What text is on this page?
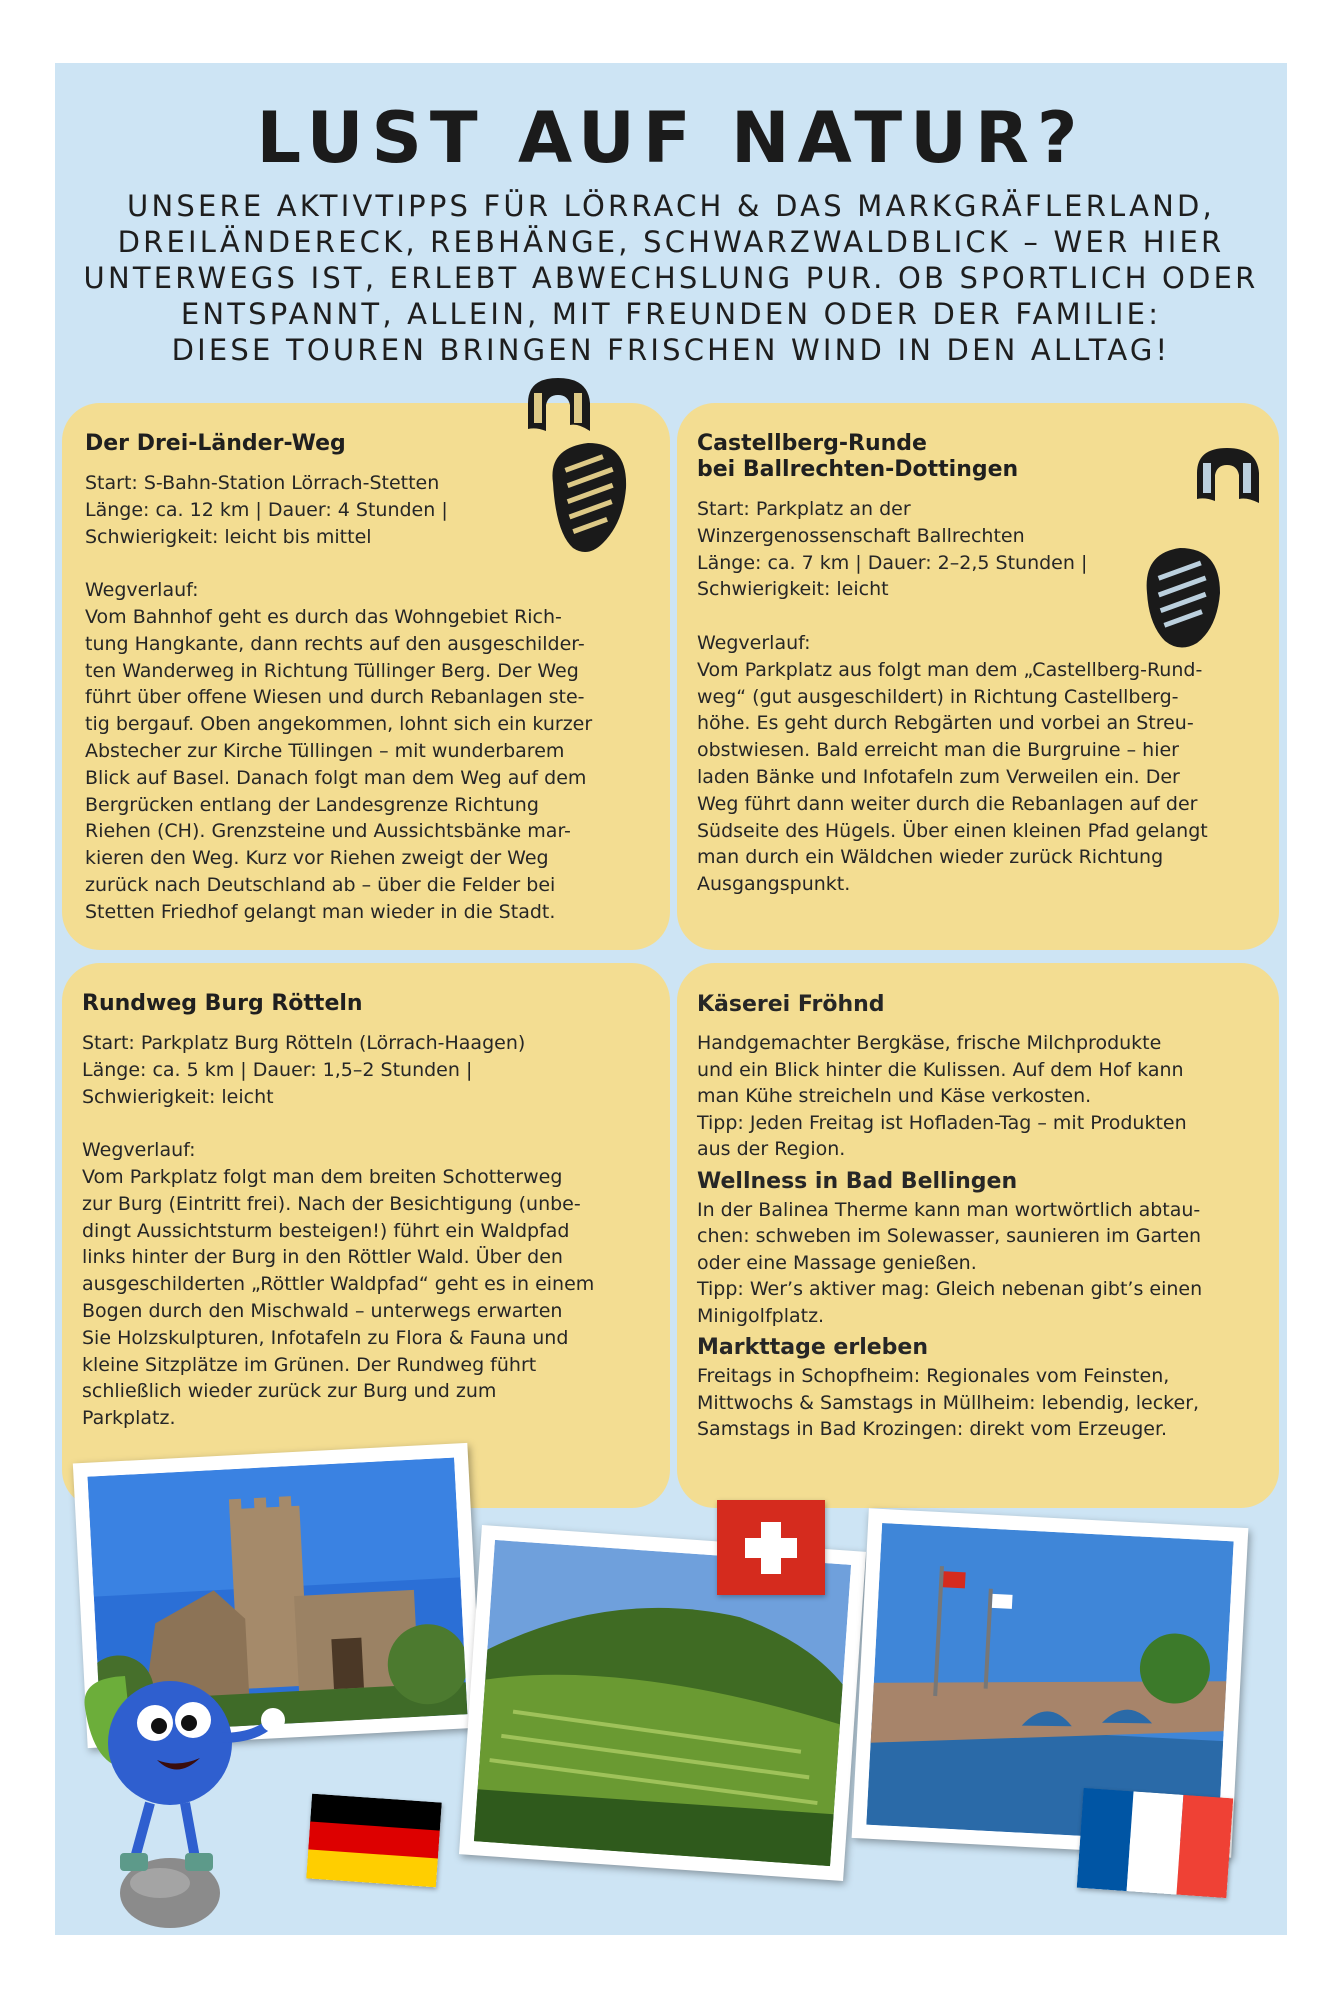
LUST AUF NATUR?
UNSERE AKTIVTIPPS FÜR LÖRRACH & DAS MARKGRÄFLERLAND,
DREILÄNDERECK, REBHÄNGE, SCHWARZWALDBLICK – WER HIER
UNTERWEGS IST, ERLEBT ABWECHSLUNG PUR. OB SPORTLICH ODER
ENTSPANNT, ALLEIN, MIT FREUNDEN ODER DER FAMILIE:
DIESE TOUREN BRINGEN FRISCHEN WIND IN DEN ALLTAG!
Der Drei-Länder-Weg
Start: S-Bahn-Station Lörrach-Stetten
Länge: ca. 12 km | Dauer: 4 Stunden |
Schwierigkeit: leicht bis mittel
Wegverlauf:
Vom Bahnhof geht es durch das Wohngebiet Rich-
tung Hangkante, dann rechts auf den ausgeschilder-
ten Wanderweg in Richtung Tüllinger Berg. Der Weg
führt über offene Wiesen und durch Rebanlagen ste-
tig bergauf. Oben angekommen, lohnt sich ein kurzer
Abstecher zur Kirche Tüllingen – mit wunderbarem
Blick auf Basel. Danach folgt man dem Weg auf dem
Bergrücken entlang der Landesgrenze Richtung
Riehen (CH). Grenzsteine und Aussichtsbänke mar-
kieren den Weg. Kurz vor Riehen zweigt der Weg
zurück nach Deutschland ab – über die Felder bei
Stetten Friedhof gelangt man wieder in die Stadt.
Castellberg-Runde
bei Ballrechten-Dottingen
Start: Parkplatz an der
Winzergenossenschaft Ballrechten
Länge: ca. 7 km | Dauer: 2–2,5 Stunden |
Schwierigkeit: leicht
Wegverlauf:
Vom Parkplatz aus folgt man dem „Castellberg-Rund-
weg“ (gut ausgeschildert) in Richtung Castellberg-
höhe. Es geht durch Rebgärten und vorbei an Streu-
obstwiesen. Bald erreicht man die Burgruine – hier
laden Bänke und Infotafeln zum Verweilen ein. Der
Weg führt dann weiter durch die Rebanlagen auf der
Südseite des Hügels. Über einen kleinen Pfad gelangt
man durch ein Wäldchen wieder zurück Richtung
Ausgangspunkt.
Rundweg Burg Rötteln
Start: Parkplatz Burg Rötteln (Lörrach-Haagen)
Länge: ca. 5 km | Dauer: 1,5–2 Stunden |
Schwierigkeit: leicht
Wegverlauf:
Vom Parkplatz folgt man dem breiten Schotterweg
zur Burg (Eintritt frei). Nach der Besichtigung (unbe-
dingt Aussichtsturm besteigen!) führt ein Waldpfad
links hinter der Burg in den Röttler Wald. Über den
ausgeschilderten „Röttler Waldpfad“ geht es in einem
Bogen durch den Mischwald – unterwegs erwarten
Sie Holzskulpturen, Infotafeln zu Flora & Fauna und
kleine Sitzplätze im Grünen. Der Rundweg führt
schließlich wieder zurück zur Burg und zum
Parkplatz.
Käserei Fröhnd
Handgemachter Bergkäse, frische Milchprodukte
und ein Blick hinter die Kulissen. Auf dem Hof kann
man Kühe streicheln und Käse verkosten.
Tipp: Jeden Freitag ist Hofladen-Tag – mit Produkten
aus der Region.
Wellness in Bad Bellingen
In der Balinea Therme kann man wortwörtlich abtau-
chen: schweben im Solewasser, saunieren im Garten
oder eine Massage genießen.
Tipp: Wer’s aktiver mag: Gleich nebenan gibt’s einen
Minigolfplatz.
Markttage erleben
Freitags in Schopfheim: Regionales vom Feinsten,
Mittwochs & Samstags in Müllheim: lebendig, lecker,
Samstags in Bad Krozingen: direkt vom Erzeuger.
